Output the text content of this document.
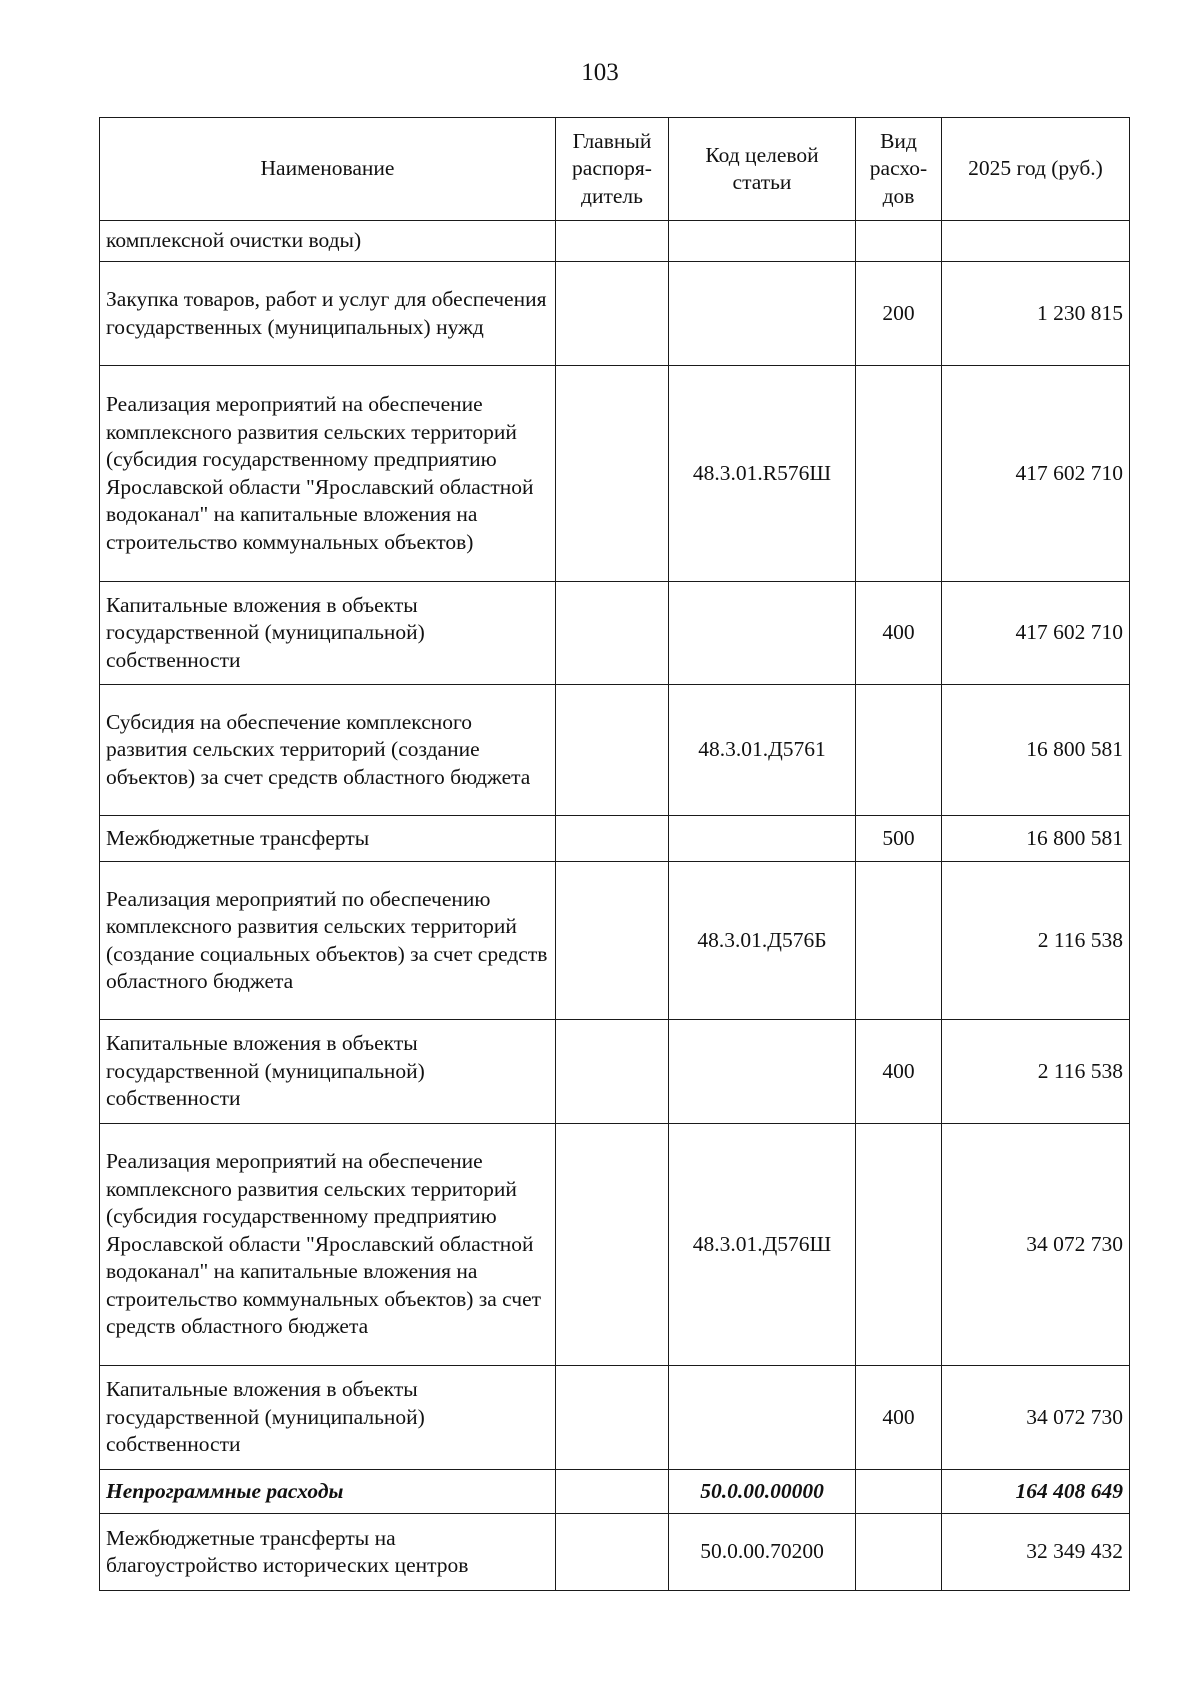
103
Наименование	Главный распоря-дитель	Код целевой статьи	Вид расхо-дов	2025 год (руб.)
комплексной очистки воды)				
Закупка товаров, работ и услуг для обеспечения государственных (муниципальных) нужд			200	1 230 815
Реализация мероприятий на обеспечение комплексного развития сельских территорий (субсидия государственному предприятию Ярославской области "Ярославский областной водоканал" на капитальные вложения на строительство коммунальных объектов)		48.3.01.R576Ш		417 602 710
Капитальные вложения в объекты государственной (муниципальной) собственности			400	417 602 710
Субсидия на обеспечение комплексного развития сельских территорий (создание объектов) за счет средств областного бюджета		48.3.01.Д5761		16 800 581
Межбюджетные трансферты			500	16 800 581
Реализация мероприятий по обеспечению комплексного развития сельских территорий (создание социальных объектов) за счет средств областного бюджета		48.3.01.Д576Б		2 116 538
Капитальные вложения в объекты государственной (муниципальной) собственности			400	2 116 538
Реализация мероприятий на обеспечение комплексного развития сельских территорий (субсидия государственному предприятию Ярославской области "Ярославский областной водоканал" на капитальные вложения на строительство коммунальных объектов) за счет средств областного бюджета		48.3.01.Д576Ш		34 072 730
Капитальные вложения в объекты государственной (муниципальной) собственности			400	34 072 730
Непрограммные расходы		50.0.00.00000		164 408 649
Межбюджетные трансферты на благоустройство исторических центров		50.0.00.70200		32 349 432
